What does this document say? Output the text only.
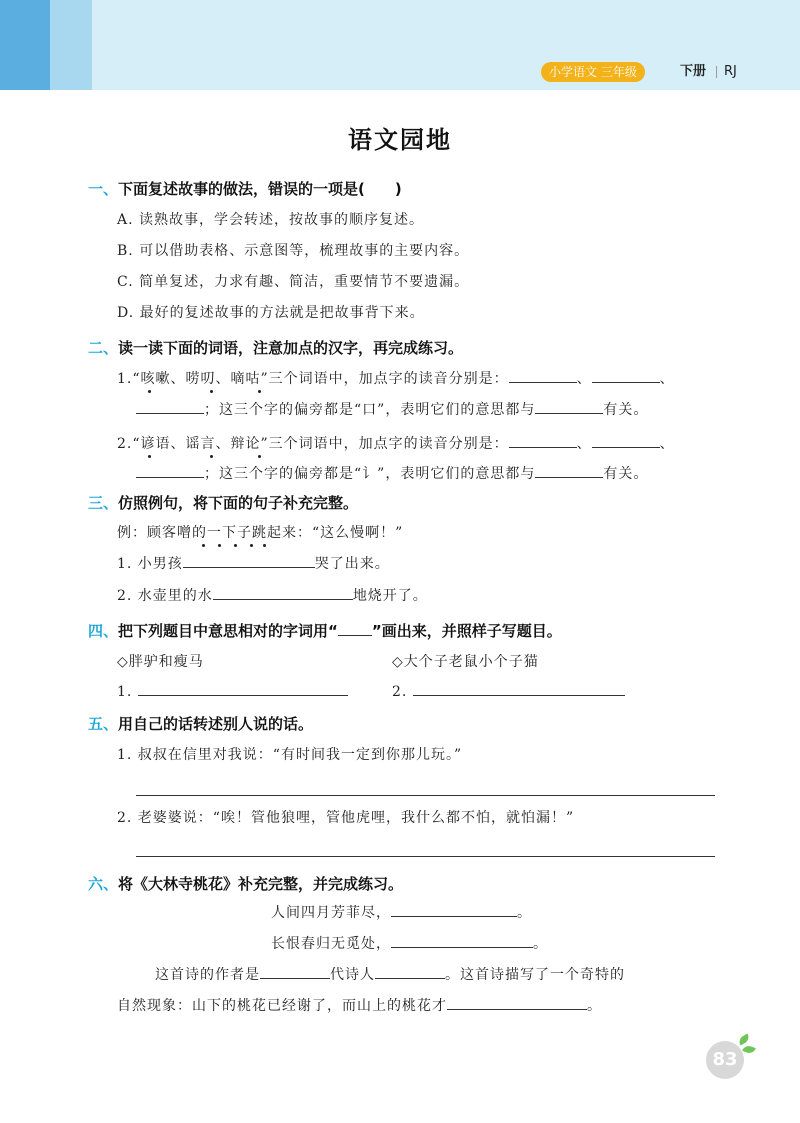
小学语文 三年级	下册 RJ
语文园地
一、下面复述故事的做法，错误的一项是(　　)
A. 读熟故事，学会转述，按故事的顺序复述。
B. 可以借助表格、示意图等，梳理故事的主要内容。
C. 简单复述，力求有趣、简洁，重要情节不要遗漏。
D. 最好的复述故事的方法就是把故事背下来。
二、读一读下面的词语，注意加点的汉字，再完成练习。
1.“咳嗽、唠叨、嘀咕”三个词语中，加点字的读音分别是：	、	、
；这三个字的偏旁都是“口”，表明它们的意思都与	有关。
2.“谚语、谣言、辩论”三个词语中，加点字的读音分别是：	、	、
；这三个字的偏旁都是“讠”，表明它们的意思都与	有关。
三、仿照例句，将下面的句子补充完整。
例：顾客噌的一下子跳起来：“这么慢啊！”
1. 小男孩	哭了出来。
2. 水壶里的水	地烧开了。
四、把下列题目中意思相对的字词用“ ”画出来，并照样子写题目。
◇胖驴和瘦马	◇大个子老鼠小个子猫
1.	2.
五、用自己的话转述别人说的话。
1. 叔叔在信里对我说：“有时间我一定到你那儿玩。”
2. 老婆婆说：“唉！管他狼哩，管他虎哩，我什么都不怕，就怕漏！”
六、将《大林寺桃花》补充完整，并完成练习。
人间四月芳菲尽，	。
长恨春归无觅处，	。
这首诗的作者是	代诗人	。这首诗描写了一个奇特的
自然现象：山下的桃花已经谢了，而山上的桃花才	。
83
